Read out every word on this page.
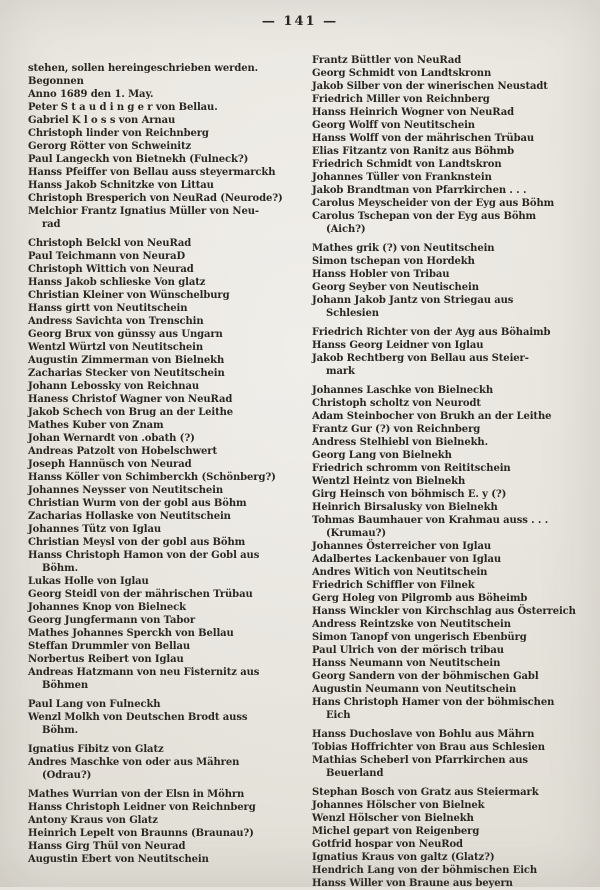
— 141 —
stehen, sollen hereingeschrieben werden.
Begonnen
Anno 1689 den 1. May.
Peter S t a u d i n g e r von Bellau.
Gabriel K l o s s von Arnau
Christoph linder von Reichnberg
Gerorg Rötter von Schweinitz
Paul Langeckh von Bietnekh (Fulneck?)
Hanss Pfeiffer von Bellau auss steyermarckh
Hanss Jakob Schnitzke von Littau
Christoph Bresperich von NeuRad (Neurode?)
Melchior Frantz Ignatius Müller von Neu-
rad
Christoph Belckl von NeuRad
Paul Teichmann von NeuraD
Christoph Wittich von Neurad
Hanss Jakob schlieske Von glatz
Christian Kleiner von Wünschelburg
Hanss girtt von Neutitschein
Andress Savichta von Trenschin
Georg Brux von günssy aus Ungarn
Wentzl Würtzl von Neutitschein
Augustin Zimmerman von Bielnekh
Zacharias Stecker von Neutitschein
Johann Lebossky von Reichnau
Haness Christof Wagner von NeuRad
Jakob Schech von Brug an der Leithe
Mathes Kuber von Znam
Johan Wernardt von .obath (?)
Andreas Patzolt von Hobelschwert
Joseph Hannüsch von Neurad
Hanss Köller von Schimberckh (Schönberg?)
Johannes Neysser von Neutitschein
Christian Wurm von der gobl aus Böhm
Zacharias Hollaske von Neutitschein
Johannes Tütz von Iglau
Christian Meysl von der gobl aus Böhm
Hanss Christoph Hamon von der Gobl aus
Böhm.
Lukas Holle von Iglau
Georg Steidl von der mährischen Trübau
Johannes Knop von Bielneck
Georg Jungfermann von Tabor
Mathes Johannes Sperckh von Bellau
Steffan Drummler von Bellau
Norbertus Reibert von Iglau
Andreas Hatzmann von neu Fisternitz aus
Böhmen
Paul Lang von Fulneckh
Wenzl Molkh von Deutschen Brodt auss
Böhm.
Ignatius Fibitz von Glatz
Andres Maschke von oder aus Mähren
(Odrau?)
Mathes Wurrian von der Elsn in Möhrn
Hanss Christoph Leidner von Reichnberg
Antony Kraus von Glatz
Heinrich Lepelt von Braunns (Braunau?)
Hanss Girg Thül von Neurad
Augustin Ebert von Neutitschein
Frantz Büttler von NeuRad
Georg Schmidt von Landtskronn
Jakob Silber von der winerischen Neustadt
Friedrich Miller von Reichnberg
Hanss Heinrich Wogner von NeuRad
Georg Wolff von Neutitschein
Hanss Wolff von der mährischen Trübau
Elias Fitzantz von Ranitz aus Böhmb
Friedrich Schmidt von Landtskron
Johannes Tüller von Franknstein
Jakob Brandtman von Pfarrkirchen . . .
Carolus Meyscheider von der Eyg aus Böhm
Carolus Tschepan von der Eyg aus Böhm
(Aich?)
Mathes grik (?) von Neutitschein
Simon tschepan von Hordekh
Hanss Hobler von Tribau
Georg Seyber von Neutischein
Johann Jakob Jantz von Striegau aus
Schlesien
Friedrich Richter von der Ayg aus Böhaimb
Hanss Georg Leidner von Iglau
Jakob Rechtberg von Bellau aus Steier-
mark
Johannes Laschke von Bielneckh
Christoph scholtz von Neurodt
Adam Steinbocher von Brukh an der Leithe
Frantz Gur (?) von Reichnberg
Andress Stelhiebl von Bielnekh.
Georg Lang von Bielnekh
Friedrich schromm von Reititschein
Wentzl Heintz von Bielnekh
Girg Heinsch von böhmisch E. y (?)
Heinrich Birsalusky von Bielnekh
Tohmas Baumhauer von Krahmau auss . . .
(Krumau?)
Johannes Österreicher von Iglau
Adalbertes Lackenbauer von Iglau
Andres Witich von Neutitschein
Friedrich Schiffler von Filnek
Gerg Holeg von Pilgromb aus Böheimb
Hanss Winckler von Kirchschlag aus Österreich
Andress Reintzske von Neutitschein
Simon Tanopf von ungerisch Ebenbürg
Paul Ulrich von der mörisch tribau
Hanss Neumann von Neutitschein
Georg Sandern von der böhmischen Gabl
Augustin Neumann von Neutitschein
Hans Christoph Hamer von der böhmischen
Eich
Hanss Duchoslave von Bohlu aus Mährn
Tobias Hoffrichter von Brau aus Schlesien
Mathias Scheberl von Pfarrkirchen aus
Beuerland
Stephan Bosch von Gratz aus Steiermark
Johannes Hölscher von Bielnek
Wenzl Hölscher von Bielnekh
Michel gepart von Reigenberg
Gotfrid hospar von NeuRod
Ignatius Kraus von galtz (Glatz?)
Hendrich Lang von der böhmischen Eich
Hanss Willer von Braune aus beyern
